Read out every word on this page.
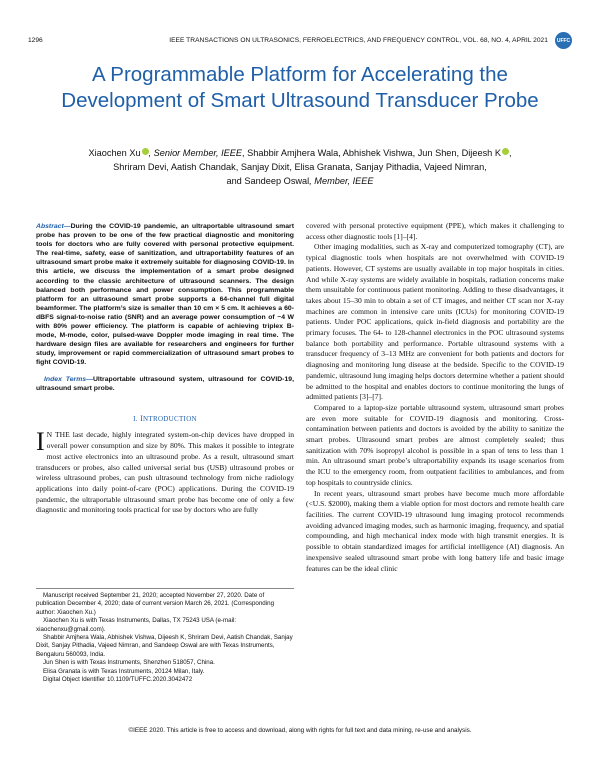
1296	IEEE TRANSACTIONS ON ULTRASONICS, FERROELECTRICS, AND FREQUENCY CONTROL, VOL. 68, NO. 4, APRIL 2021	UFFC
A Programmable Platform for Accelerating the Development of Smart Ultrasound Transducer Probe
Xiaochen Xu , Senior Member, IEEE, Shabbir Amjhera Wala, Abhishek Vishwa, Jun Shen, Dijeesh K ,
Shriram Devi, Aatish Chandak, Sanjay Dixit, Elisa Granata, Sanjay Pithadia, Vajeed Nimran,
and Sandeep Oswal, Member, IEEE

Abstract—During the COVID-19 pandemic, an ultraportable ultrasound smart probe has proven to be one of the few practical diagnostic and monitoring tools for doctors who are fully covered with personal protective equipment. The real-time, safety, ease of sanitization, and ultraportability features of an ultrasound smart probe make it extremely suitable for diagnosing COVID-19. In this article, we discuss the implementation of a smart probe designed according to the classic architecture of ultrasound scanners. The design balanced both performance and power consumption. This programmable platform for an ultrasound smart probe supports a 64-channel full digital beamformer. The platform’s size is smaller than 10 cm × 5 cm. It achieves a 60-dBFS signal-to-noise ratio (SNR) and an average power consumption of ~4 W with 80% power efficiency. The platform is capable of achieving triplex B-mode, M-mode, color, pulsed-wave Doppler mode imaging in real time. The hardware design files are available for researchers and engineers for further study, improvement or rapid commercialization of ultrasound smart probes to fight COVID-19.

Index Terms—Ultraportable ultrasound system, ultrasound for COVID-19, ultrasound smart probe.

I. INTRODUCTION
I N THE last decade, highly integrated system-on-chip devices have dropped in overall power consumption and size by 80%. This makes it possible to integrate most active electronics into an ultrasound probe. As a result, ultrasound smart transducers or probes, also called universal serial bus (USB) ultrasound probes or wireless ultrasound probes, can push ultrasound technology from niche radiology applications into daily point-of-care (POC) applications. During the COVID-19 pandemic, the ultraportable ultrasound smart probe has become one of only a few diagnostic and monitoring tools practical for use by doctors who are fully

Manuscript received September 21, 2020; accepted November 27, 2020. Date of publication December 4, 2020; date of current version March 26, 2021. (Corresponding author: Xiaochen Xu.)

Xiaochen Xu is with Texas Instruments, Dallas, TX 75243 USA (e-mail: xiaochenxu@gmail.com).

Shabbir Amjhera Wala, Abhishek Vishwa, Dijeesh K, Shriram Devi, Aatish Chandak, Sanjay Dixit, Sanjay Pithadia, Vajeed Nimran, and Sandeep Oswal are with Texas Instruments, Bengaluru 560093, India.

Jun Shen is with Texas Instruments, Shenzhen 518057, China.

Elisa Granata is with Texas Instruments, 20124 Milan, Italy.

Digital Object Identifier 10.1109/TUFFC.2020.3042472

covered with personal protective equipment (PPE), which makes it challenging to access other diagnostic tools [1]–[4].

Other imaging modalities, such as X-ray and computerized tomography (CT), are typical diagnostic tools when hospitals are not overwhelmed with COVID-19 patients. However, CT systems are usually available in top major hospitals in cities. And while X-ray systems are widely available in hospitals, radiation concerns make them unsuitable for continuous patient monitoring. Adding to these disadvantages, it takes about 15–30 min to obtain a set of CT images, and neither CT scan nor X-ray machines are common in intensive care units (ICUs) for monitoring COVID-19 patients. Under POC applications, quick in-field diagnosis and portability are the primary focuses. The 64- to 128-channel electronics in the POC ultrasound systems balance both portability and performance. Portable ultrasound systems with a transducer frequency of 3–13 MHz are convenient for both patients and doctors for diagnosing and monitoring lung disease at the bedside. Specific to the COVID-19 pandemic, ultrasound lung imaging helps doctors determine whether a patient should be admitted to the hospital and enables doctors to continue monitoring the lungs of admitted patients [3]–[7].

Compared to a laptop-size portable ultrasound system, ultrasound smart probes are even more suitable for COVID-19 diagnosis and monitoring. Cross-contamination between patients and doctors is avoided by the ability to sanitize the smart probes. Ultrasound smart probes are almost completely sealed; thus sanitization with 70% isopropyl alcohol is possible in a span of tens to less than 1 min. An ultrasound smart probe’s ultraportability expands its usage scenarios from the ICU to the emergency room, from outpatient facilities to ambulances, and from top hospitals to countryside clinics.

In recent years, ultrasound smart probes have become much more affordable (<U.S. $2000), making them a viable option for most doctors and remote health care facilities. The current COVID-19 ultrasound lung imaging protocol recommends avoiding advanced imaging modes, such as harmonic imaging, frequency, and spatial compounding, and high mechanical index mode with high transmit energies. It is possible to obtain standardized images for artificial intelligence (AI) diagnosis. An inexpensive sealed ultrasound smart probe with long battery life and basic image features can be the ideal clinic

©IEEE 2020. This article is free to access and download, along with rights for full text and data mining, re-use and analysis.
